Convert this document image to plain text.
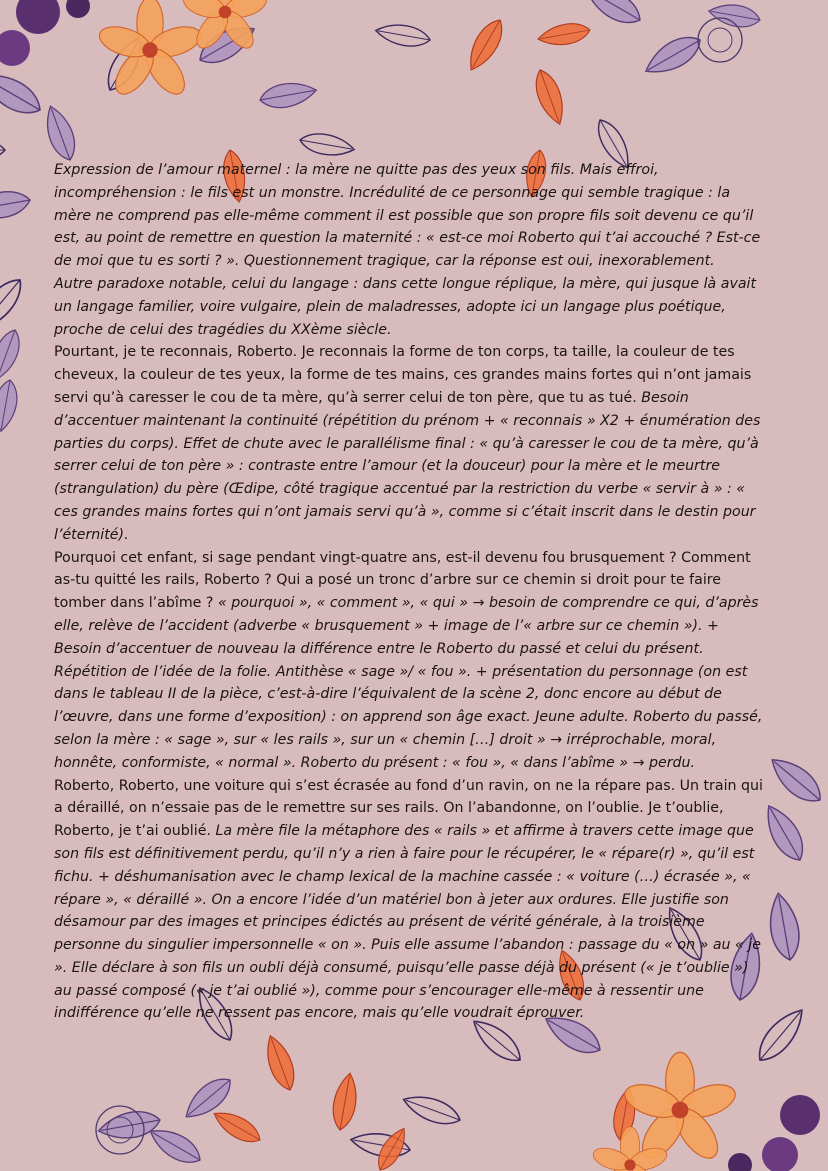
Expression de l’amour maternel : la mère ne quitte pas des yeux son fils. Mais effroi, incompréhension : le fils est un monstre. Incrédulité de ce personnage qui semble tragique : la mère ne comprend pas elle-même comment il est possible que son propre fils soit devenu ce qu’il est, au point de remettre en question la maternité : « est-ce moi Roberto qui t’ai accouché ? Est-ce de moi que tu es sorti ? ». Questionnement tragique, car la réponse est oui, inexorablement.

Autre paradoxe notable, celui du langage : dans cette longue réplique, la mère, qui jusque là avait un langage familier, voire vulgaire, plein de maladresses, adopte ici un langage plus poétique, proche de celui des tragédies du XXème siècle.

Pourtant, je te reconnais, Roberto. Je reconnais la forme de ton corps, ta taille, la couleur de tes cheveux, la couleur de tes yeux, la forme de tes mains, ces grandes mains fortes qui n’ont jamais servi qu’à caresser le cou de ta mère, qu’à serrer celui de ton père, que tu as tué. Besoin d’accentuer maintenant la continuité (répétition du prénom + « reconnais » X2 + énumération des parties du corps). Effet de chute avec le parallélisme final : « qu’à caresser le cou de ta mère, qu’à serrer celui de ton père » : contraste entre l’amour (et la douceur) pour la mère et le meurtre (strangulation) du père (Œdipe, côté tragique accentué par la restriction du verbe « servir à » : « ces grandes mains fortes qui n’ont jamais servi qu’à », comme si c’était inscrit dans le destin pour l’éternité).

Pourquoi cet enfant, si sage pendant vingt-quatre ans, est-il devenu fou brusquement ? Comment as-tu quitté les rails, Roberto ? Qui a posé un tronc d’arbre sur ce chemin si droit pour te faire tomber dans l’abîme ? « pourquoi », « comment », « qui » → besoin de comprendre ce qui, d’après elle, relève de l’accident (adverbe « brusquement » + image de l’« arbre sur ce chemin »). + Besoin d’accentuer de nouveau la différence entre le Roberto du passé et celui du présent. Répétition de l’idée de la folie. Antithèse « sage »/ « fou ». + présentation du personnage (on est dans le tableau II de la pièce, c’est-à-dire l’équivalent de la scène 2, donc encore au début de l’œuvre, dans une forme d’exposition) : on apprend son âge exact. Jeune adulte. Roberto du passé, selon la mère : « sage », sur « les rails », sur un « chemin […] droit » → irréprochable, moral, honnête, conformiste, « normal ». Roberto du présent : « fou », « dans l’abîme » → perdu.

Roberto, Roberto, une voiture qui s’est écrasée au fond d’un ravin, on ne la répare pas. Un train qui a déraillé, on n’essaie pas de le remettre sur ses rails. On l’abandonne, on l’oublie. Je t’oublie, Roberto, je t’ai oublié. La mère file la métaphore des « rails » et affirme à travers cette image que son fils est définitivement perdu, qu’il n’y a rien à faire pour le récupérer, le « répare(r) », qu’il est fichu. + déshumanisation avec le champ lexical de la machine cassée : « voiture (…) écrasée », « répare », « déraillé ». On a encore l’idée d’un matériel bon à jeter aux ordures. Elle justifie son désamour par des images et principes édictés au présent de vérité générale, à la troisième personne du singulier impersonnelle « on ». Puis elle assume l’abandon : passage du « on » au « je ». Elle déclare à son fils un oubli déjà consumé, puisqu’elle passe déjà du présent (« je t’oublie ») au passé composé (« je t’ai oublié »), comme pour s’encourager elle-même à ressentir une indifférence qu’elle ne ressent pas encore, mais qu’elle voudrait éprouver.
